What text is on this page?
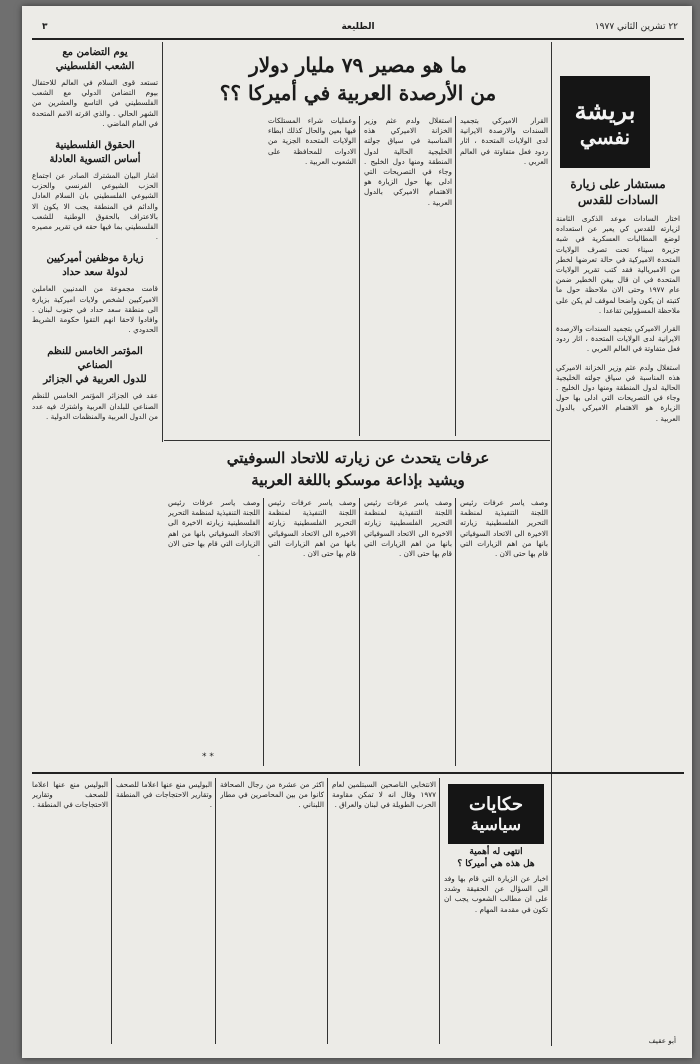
٢٢ تشرين الثاني ١٩٧٧
الطليعة
٣
بريشة
نفسي
مستشار على زيارة
السادات للقدس
اختار السادات موعد الذكرى الثامنة لزيارته للقدس كي يعبر عن استعداده لوضع المطالبات العسكرية في شبه جزيرة سيناء تحت تصرف الولايات المتحدة الاميركية في حالة تعرضها لخطر من الامبريالية فقد كتب تقرير الولايات المتحدة في ان قال بيغن الخطير ضمن عام ١٩٧٧ وحتى الان ملاحظة حول ما كتبته ان يكون واضحا لموقف لم يكن على ملاحظة المسؤولين تقاعدا .
القرار الاميركي بتجميد السندات والارصدة الايرانية لدى الولايات المتحدة ، اثار ردود فعل متفاوتة في العالم العربي .
استغلال ولدم عثم وزير الخزانة الاميركي هذه المناسبة في سياق جولته الخليجية الحالية لدول المنطقة ومنها دول الخليج . وجاء في التصريحات التي ادلى بها حول الزيارة هو الاهتمام الاميركي بالدول العربية .
أبو عقيف
ما هو مصير ٧٩ مليار دولار
من الأرصدة العربية في أميركا ؟؟
القرار الاميركي بتجميد السندات والارصدة الايرانية لدى الولايات المتحدة ، اثار ردود فعل متفاوتة في العالم العربي .
استغلال ولدم عثم وزير الخزانة الاميركي هذه المناسبة في سياق جولته الخليجية الحالية لدول المنطقة ومنها دول الخليج . وجاء في التصريحات التي ادلى بها حول الزيارة هو الاهتمام الاميركي بالدول العربية .
وعمليات شراء المستلكات فيها بعين والحال كذلك ابطاء الولايات المتحدة الجزية من الادوات للمحافظة على الشعوب العربية .
عرفات يتحدث عن زيارته للاتحاد السوفيتي
ويشيد بإذاعة موسكو باللغة العربية
وصف ياسر عرفات رئيس اللجنة التنفيذية لمنظمة التحرير الفلسطينية زيارته الاخيرة الى الاتحاد السوفياتي بانها من اهم الزيارات التي قام بها حتى الان .
وصف ياسر عرفات رئيس اللجنة التنفيذية لمنظمة التحرير الفلسطينية زيارته الاخيرة الى الاتحاد السوفياتي بانها من اهم الزيارات التي قام بها حتى الان .
وصف ياسر عرفات رئيس اللجنة التنفيذية لمنظمة التحرير الفلسطينية زيارته الاخيرة الى الاتحاد السوفياتي بانها من اهم الزيارات التي قام بها حتى الان .
وصف ياسر عرفات رئيس اللجنة التنفيذية لمنظمة التحرير الفلسطينية زيارته الاخيرة الى الاتحاد السوفياتي بانها من اهم الزيارات التي قام بها حتى الان .
* *
يوم التضامن مع
الشعب الفلسطيني
تستعد قوى السلام في العالم للاحتفال بيوم التضامن الدولي مع الشعب الفلسطيني في التاسع والعشرين من الشهر الحالي . والذي اقرته الامم المتحدة في العام الماضي .
الحقوق الفلسطينية
أساس التسوية العادلة
اشار البيان المشترك الصادر عن اجتماع الحزب الشيوعي الفرنسي والحزب الشيوعي الفلسطيني بان السلام العادل والدائم في المنطقة يجب الا يكون الا بالاعتراف بالحقوق الوطنية للشعب الفلسطيني بما فيها حقه في تقرير مصيره .
زيارة موظفين أميركيين
لدولة سعد حداد
قامت مجموعة من المدنيين العاملين الاميركيين لشخص ولايات اميركية بزيارة الى منطقة سعد حداد في جنوب لبنان . وافادوا لاحقا انهم التقوا حكومة الشريط الحدودي .
المؤتمر الخامس للنظم الصناعي
للدول العربية في الجزائر
عقد في الجزائر المؤتمر الخامس للنظم الصناعي للبلدان العربية واشترك فيه عدد من الدول العربية والمنظمات الدولية .
انتهى له أهمية
هل هذه هي أميركا ؟
اخبار عن الزيارة التي قام بها وفد الى السؤال عن الحقيقة وشدد على ان مطالب الشعوب يجب ان تكون في مقدمة المهام .
حكايات
سياسية
الانتخابي الناصحين السبتلمين لعام ١٩٧٧ وقال انه لا تمكن مقاومة الحرب الطويلة في لبنان والعراق .
اكثر من عشرة من رجال الصحافة كانوا من بين المحاصرين في مطار اللبناني .
البوليس منع عنها اعلاما للصحف وتقارير الاحتجاجات في المنطقة .
البوليس منع عنها اعلاما للصحف وتقارير الاحتجاجات في المنطقة .
